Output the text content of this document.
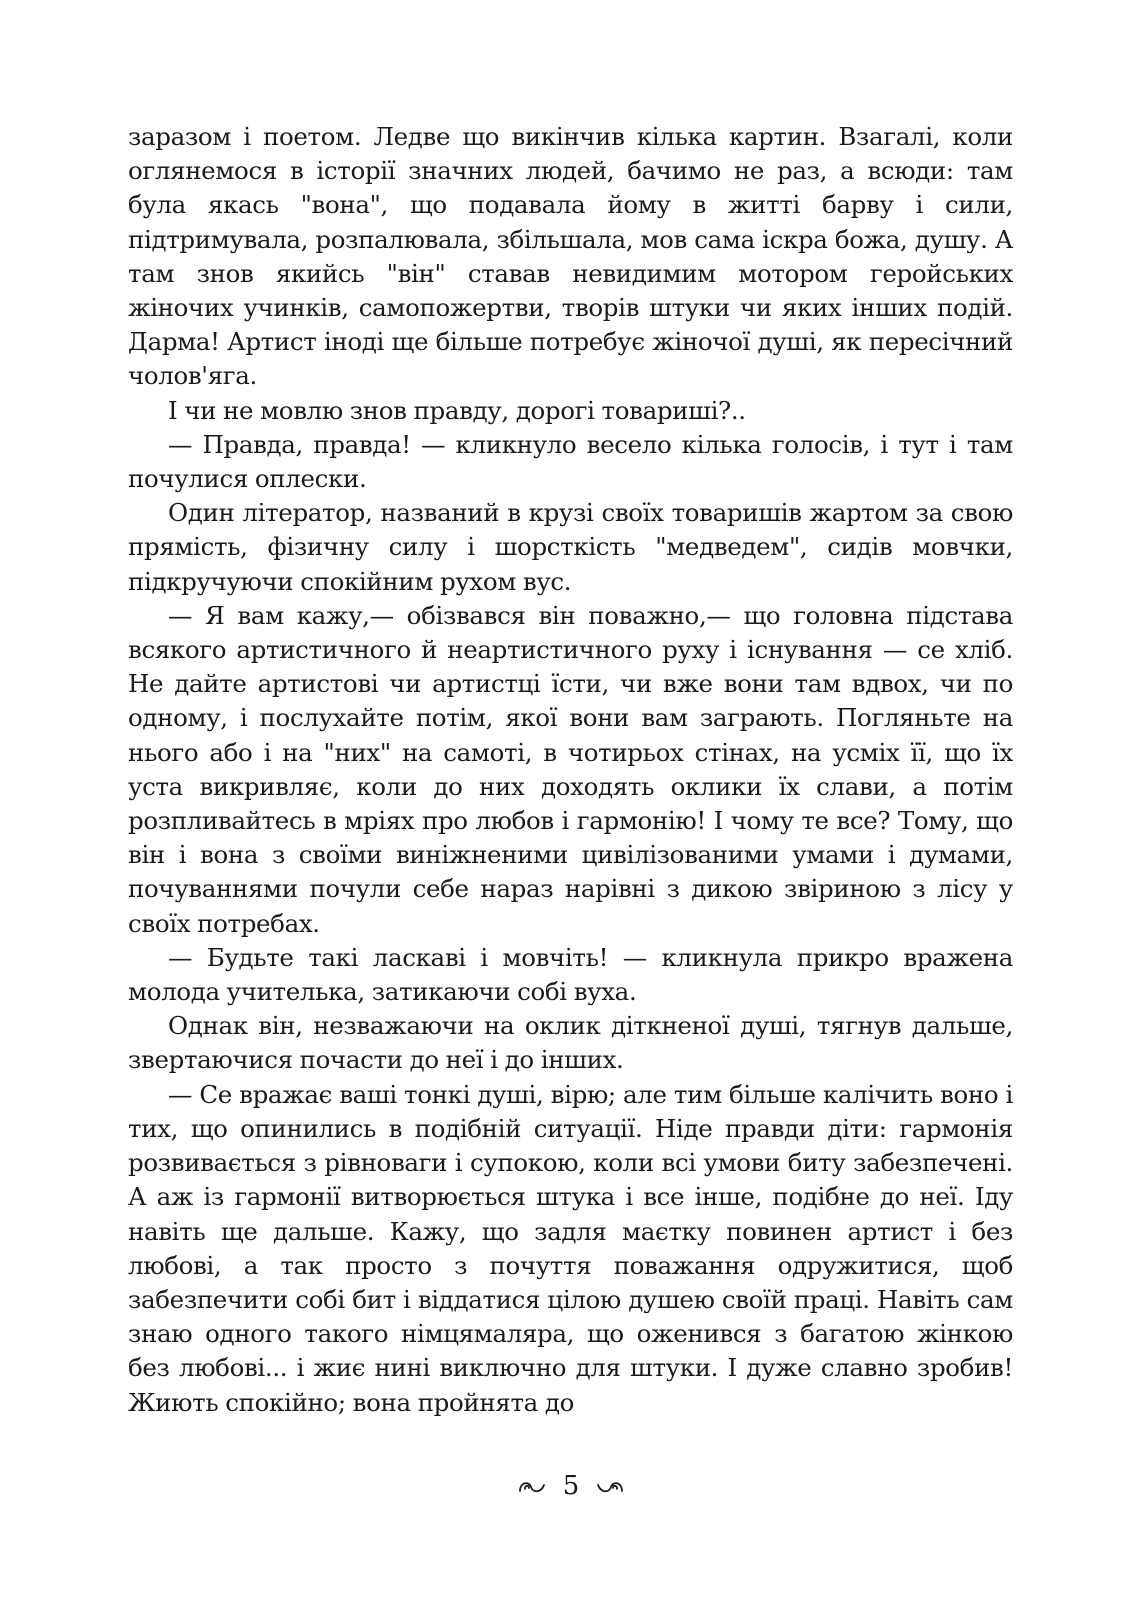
заразом і поетом. Ледве що викінчив кілька картин. Взагалі, коли оглянемося в історії значних людей, бачимо не раз, а всюди: там була якась "вона", що подавала йому в житті барву і сили, підтримувала, розпалювала, збільшала, мов сама іскра божа, душу. А там знов якийсь "він" ставав невидимим мотором геройських жіночих учинків, самопожертви, творів штуки чи яких інших подій. Дарма! Артист іноді ще більше потребує жіночої душі, як пересічний чолов'яга.

І чи не мовлю знов правду, дорогі товариші?..

— Правда, правда! — кликнуло весело кілька голосів, і тут і там почулися оплески.

Один літератор, названий в крузі своїх товаришів жартом за свою прямість, фізичну силу і шорсткість "медведем", сидів мовчки, підкручуючи спокійним рухом вус.

— Я вам кажу,— обізвався він поважно,— що головна підстава всякого артистичного й неартистичного руху і існування — се хліб. Не дайте артистові чи артистці їсти, чи вже вони там вдвох, чи по одному, і послухайте потім, якої вони вам заграють. Погляньте на нього або і на "них" на самоті, в чотирьох стінах, на усміх її, що їх уста викривляє, коли до них доходять оклики їх слави, а потім розпливайтесь в мріях про любов і гармонію! І чому те все? Тому, що він і вона з своїми виніжненими цивілізованими умами і думами, почуваннями почули себе нараз нарівні з дикою звіриною з лісу у своїх потребах.

— Будьте такі ласкаві і мовчіть! — кликнула прикро вражена молода учителька, затикаючи собі вуха.

Однак він, незважаючи на оклик діткненої душі, тягнув дальше, звертаючися почасти до неї і до інших.

— Се вражає ваші тонкі душі, вірю; але тим більше калічить воно і тих, що опинились в подібній ситуації. Ніде правди діти: гармонія розвивається з рівноваги і супокою, коли всі умови биту забезпечені. А аж із гармонії витворюється штука і все інше, подібне до неї. Іду навіть ще дальше. Кажу, що задля маєтку повинен артист і без любові, а так просто з почуття поважання одружитися, щоб забезпечити собі бит і віддатися цілою душею своїй праці. Навіть сам знаю одного такого німцямаляра, що оженився з багатою жінкою без любові... і жиє нині виключно для штуки. І дуже славно зробив! Жиють спокійно; вона пройнята до

5
